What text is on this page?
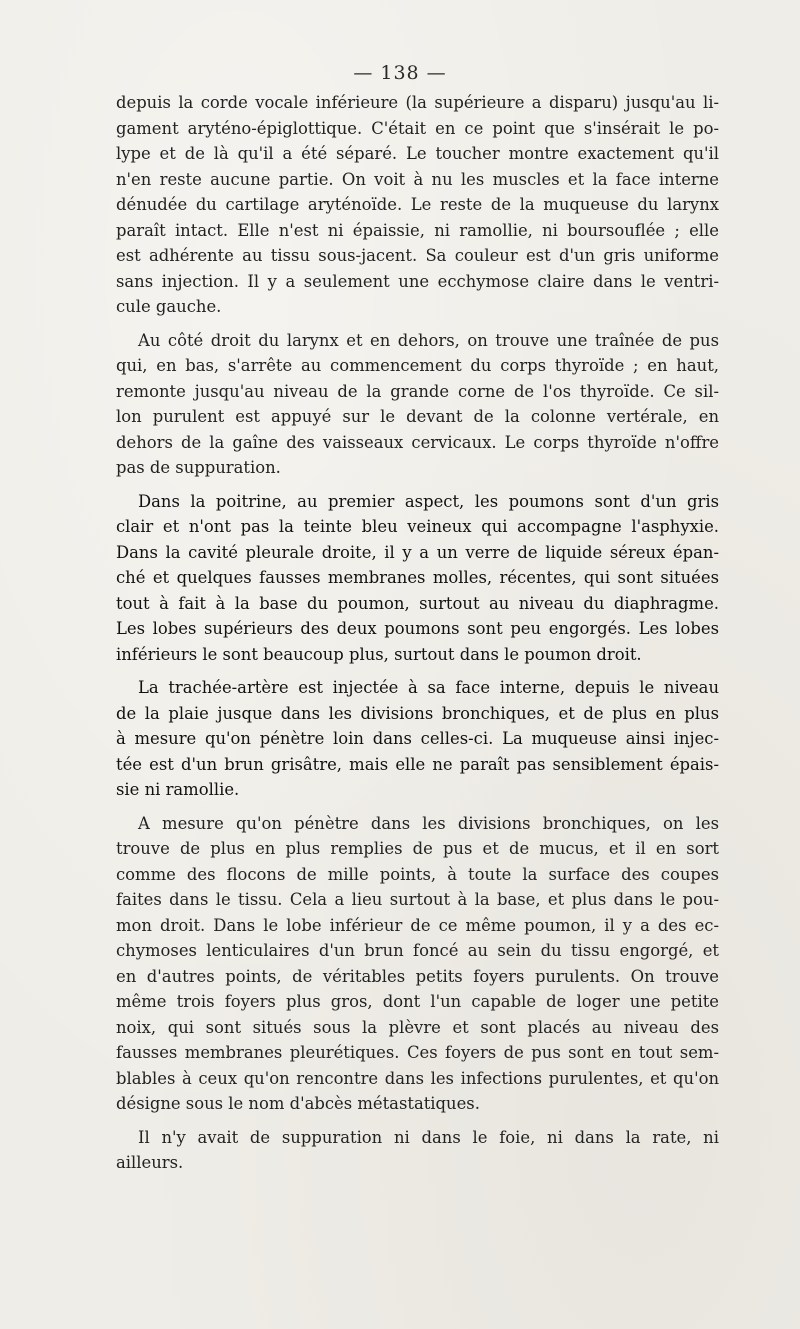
— 138 —
depuis la corde vocale inférieure (la supérieure a disparu) jusqu'au li-
gament aryténo-épiglottique. C'était en ce point que s'insérait le po-
lype et de là qu'il a été séparé. Le toucher montre exactement qu'il
n'en reste aucune partie. On voit à nu les muscles et la face interne
dénudée du cartilage aryténoïde. Le reste de la muqueuse du larynx
paraît intact. Elle n'est ni épaissie, ni ramollie, ni boursouflée ; elle
est adhérente au tissu sous-jacent. Sa couleur est d'un gris uniforme
sans injection. Il y a seulement une ecchymose claire dans le ventri-
cule gauche.
Au côté droit du larynx et en dehors, on trouve une traînée de pus
qui, en bas, s'arrête au commencement du corps thyroïde ; en haut,
remonte jusqu'au niveau de la grande corne de l'os thyroïde. Ce sil-
lon purulent est appuyé sur le devant de la colonne vertérale, en
dehors de la gaîne des vaisseaux cervicaux. Le corps thyroïde n'offre
pas de suppuration.
Dans la poitrine, au premier aspect, les poumons sont d'un gris
clair et n'ont pas la teinte bleu veineux qui accompagne l'asphyxie.
Dans la cavité pleurale droite, il y a un verre de liquide séreux épan-
ché et quelques fausses membranes molles, récentes, qui sont situées
tout à fait à la base du poumon, surtout au niveau du diaphragme.
Les lobes supérieurs des deux poumons sont peu engorgés. Les lobes
inférieurs le sont beaucoup plus, surtout dans le poumon droit.
La trachée-artère est injectée à sa face interne, depuis le niveau
de la plaie jusque dans les divisions bronchiques, et de plus en plus
à mesure qu'on pénètre loin dans celles-ci. La muqueuse ainsi injec-
tée est d'un brun grisâtre, mais elle ne paraît pas sensiblement épais-
sie ni ramollie.
A mesure qu'on pénètre dans les divisions bronchiques, on les
trouve de plus en plus remplies de pus et de mucus, et il en sort
comme des flocons de mille points, à toute la surface des coupes
faites dans le tissu. Cela a lieu surtout à la base, et plus dans le pou-
mon droit. Dans le lobe inférieur de ce même poumon, il y a des ec-
chymoses lenticulaires d'un brun foncé au sein du tissu engorgé, et
en d'autres points, de véritables petits foyers purulents. On trouve
même trois foyers plus gros, dont l'un capable de loger une petite
noix, qui sont situés sous la plèvre et sont placés au niveau des
fausses membranes pleurétiques. Ces foyers de pus sont en tout sem-
blables à ceux qu'on rencontre dans les infections purulentes, et qu'on
désigne sous le nom d'abcès métastatiques.
Il n'y avait de suppuration ni dans le foie, ni dans la rate, ni
ailleurs.
